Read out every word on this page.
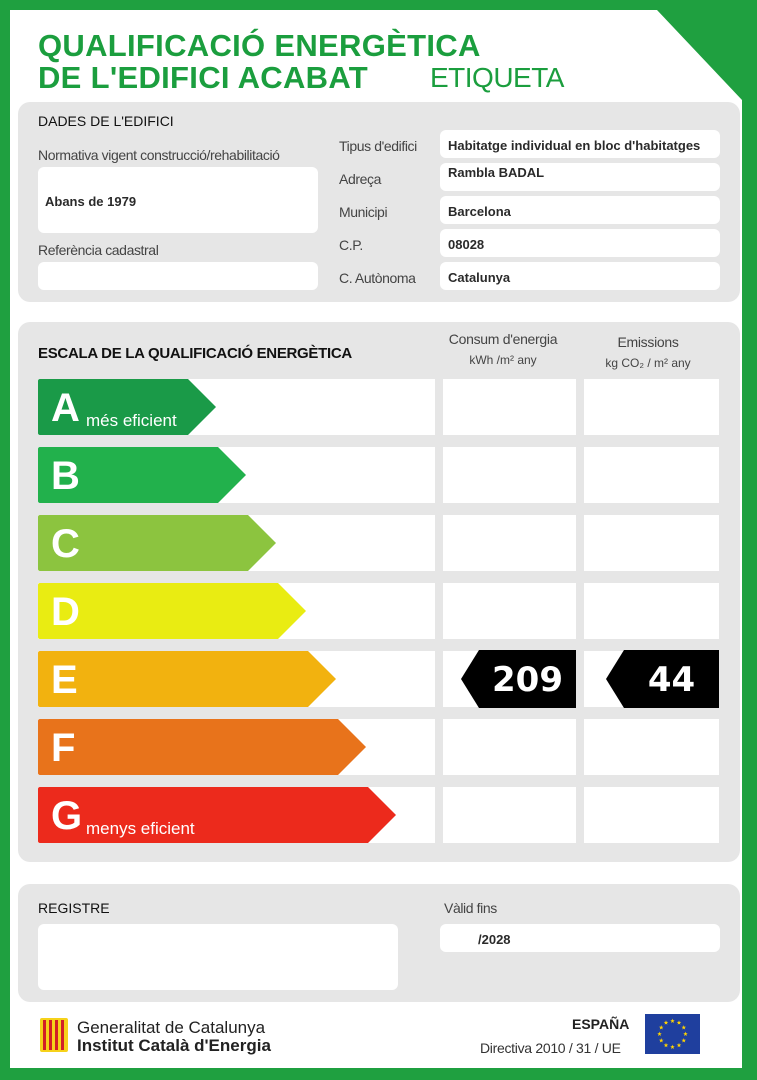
QUALIFICACIÓ ENERGÈTICA
DE L'EDIFICI ACABAT ETIQUETA
DADES DE L'EDIFICI
Normativa vigent construcció/rehabilitació
Abans de 1979
Referència cadastral
Tipus d'edifici Habitatge individual en bloc d'habitatges
Adreça	Rambla BADAL
Municipi	Barcelona
C.P.	08028
C. Autònoma Catalunya
ESCALA DE LA QUALIFICACIÓ ENERGÈTICA
Consum d'energia
kWh /m² any
Emissions
kg CO₂ / m² any
A més eficient
B
C
D
E	209	44
F
G menys eficient
REGISTRE	Vàlid fins
/2028
Generalitat de Catalunya
Institut Català d'Energia
ESPAÑA
Directiva 2010 / 31 / UE
